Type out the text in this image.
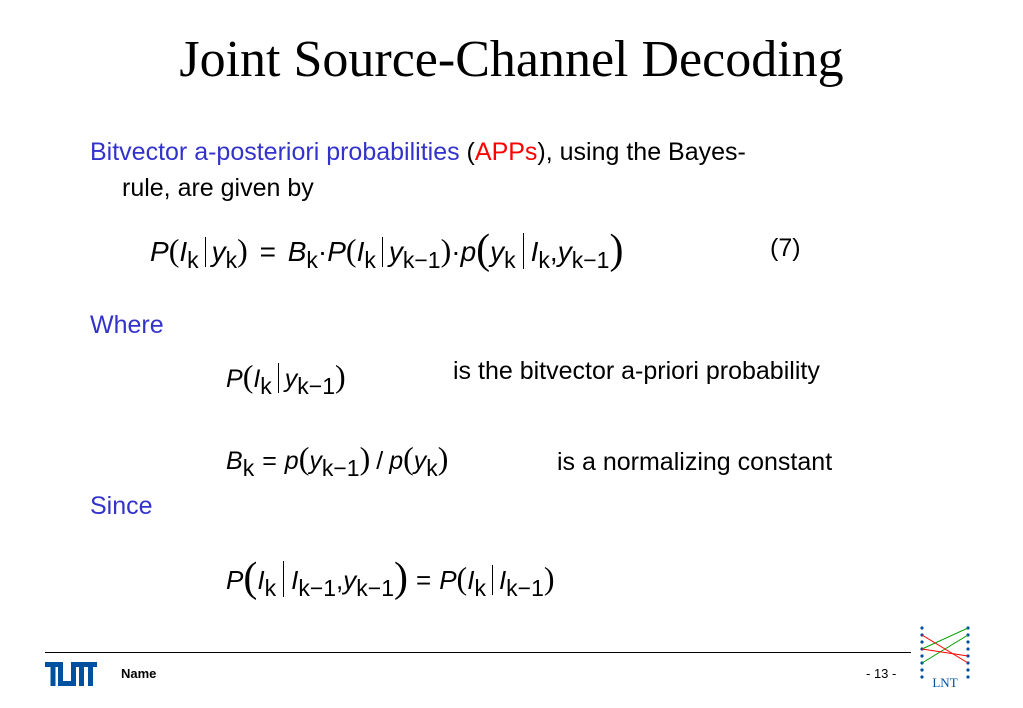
Joint Source-Channel Decoding
Bitvector a-posteriori probabilities (APPs), using the Bayes-
rule, are given by
$P(I_k$ $y_k) = B_k\cdot P(I_k$ $y_{k-1})\cdot p(y_k$ $I_k,y_{k-1}$)	(7)
Where
$P(I_k$ $y_{k-1}$)	is the bitvector a-priori probability
$B_k = p(y_{k-1}) / p(y_k)$	is a normalizing constant
Since
$P(I_k$ $I_{k-1},y_{k-1}) = P(I_k$ $I_{k-1}$)
Name	- 13 -
LNT
